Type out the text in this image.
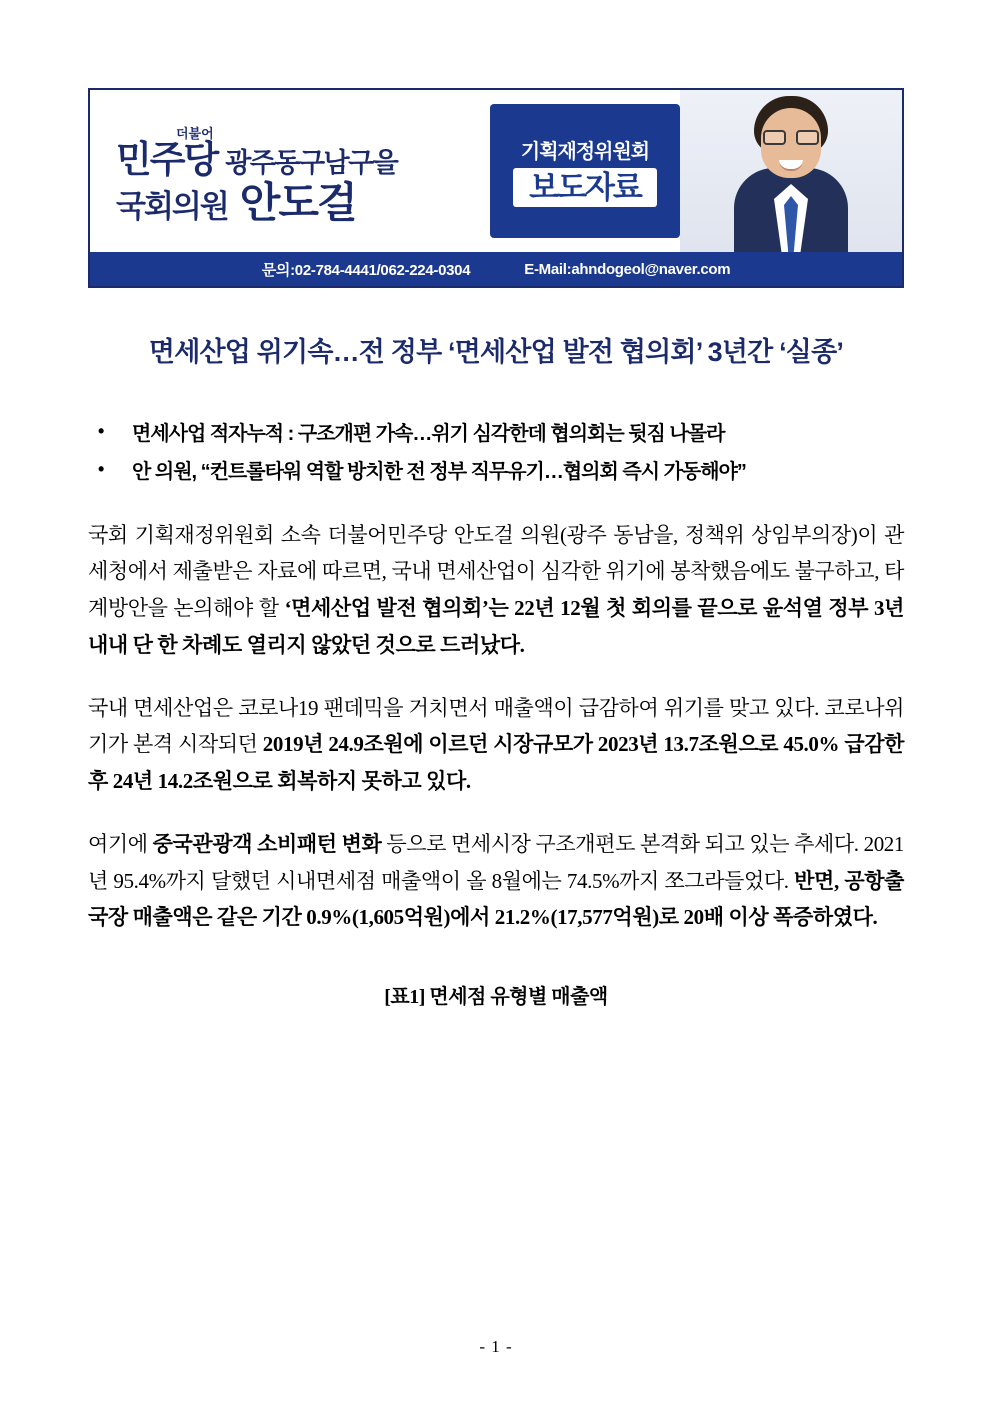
더불어
민주당 광주동구남구을
국회의원 안도걸
기획재정위원회
보도자료
문의:02-784-4441/062-224-0304	E-Mail:ahndogeol@naver.com
면세산업 위기속…전 정부 ‘면세산업 발전 협의회’ 3년간 ‘실종’
• 면세사업 적자누적 : 구조개편 가속…위기 심각한데 협의회는 뒷짐 나몰라
• 안 의원, “컨트롤타워 역할 방치한 전 정부 직무유기…협의회 즉시 가동해야”

국회 기획재정위원회 소속 더불어민주당 안도걸 의원(광주 동남을, 정책위 상임부의장)이 관세청에서 제출받은 자료에 따르면, 국내 면세산업이 심각한 위기에 봉착했음에도 불구하고, 타계방안을 논의해야 할 ‘면세산업 발전 협의회’는 22년 12월 첫 회의를 끝으로 윤석열 정부 3년 내내 단 한 차례도 열리지 않았던 것으로 드러났다.

국내 면세산업은 코로나19 팬데믹을 거치면서 매출액이 급감하여 위기를 맞고 있다. 코로나위기가 본격 시작되던 2019년 24.9조원에 이르던 시장규모가 2023년 13.7조원으로 45.0% 급감한 후 24년 14.2조원으로 회복하지 못하고 있다.

여기에 중국관광객 소비패턴 변화 등으로 면세시장 구조개편도 본격화 되고 있는 추세다. 2021년 95.4%까지 달했던 시내면세점 매출액이 올 8월에는 74.5%까지 쪼그라들었다. 반면, 공항출국장 매출액은 같은 기간 0.9%(1,605억원)에서 21.2%(17,577억원)로 20배 이상 폭증하였다.

[표1] 면세점 유형별 매출액
- 1 -
